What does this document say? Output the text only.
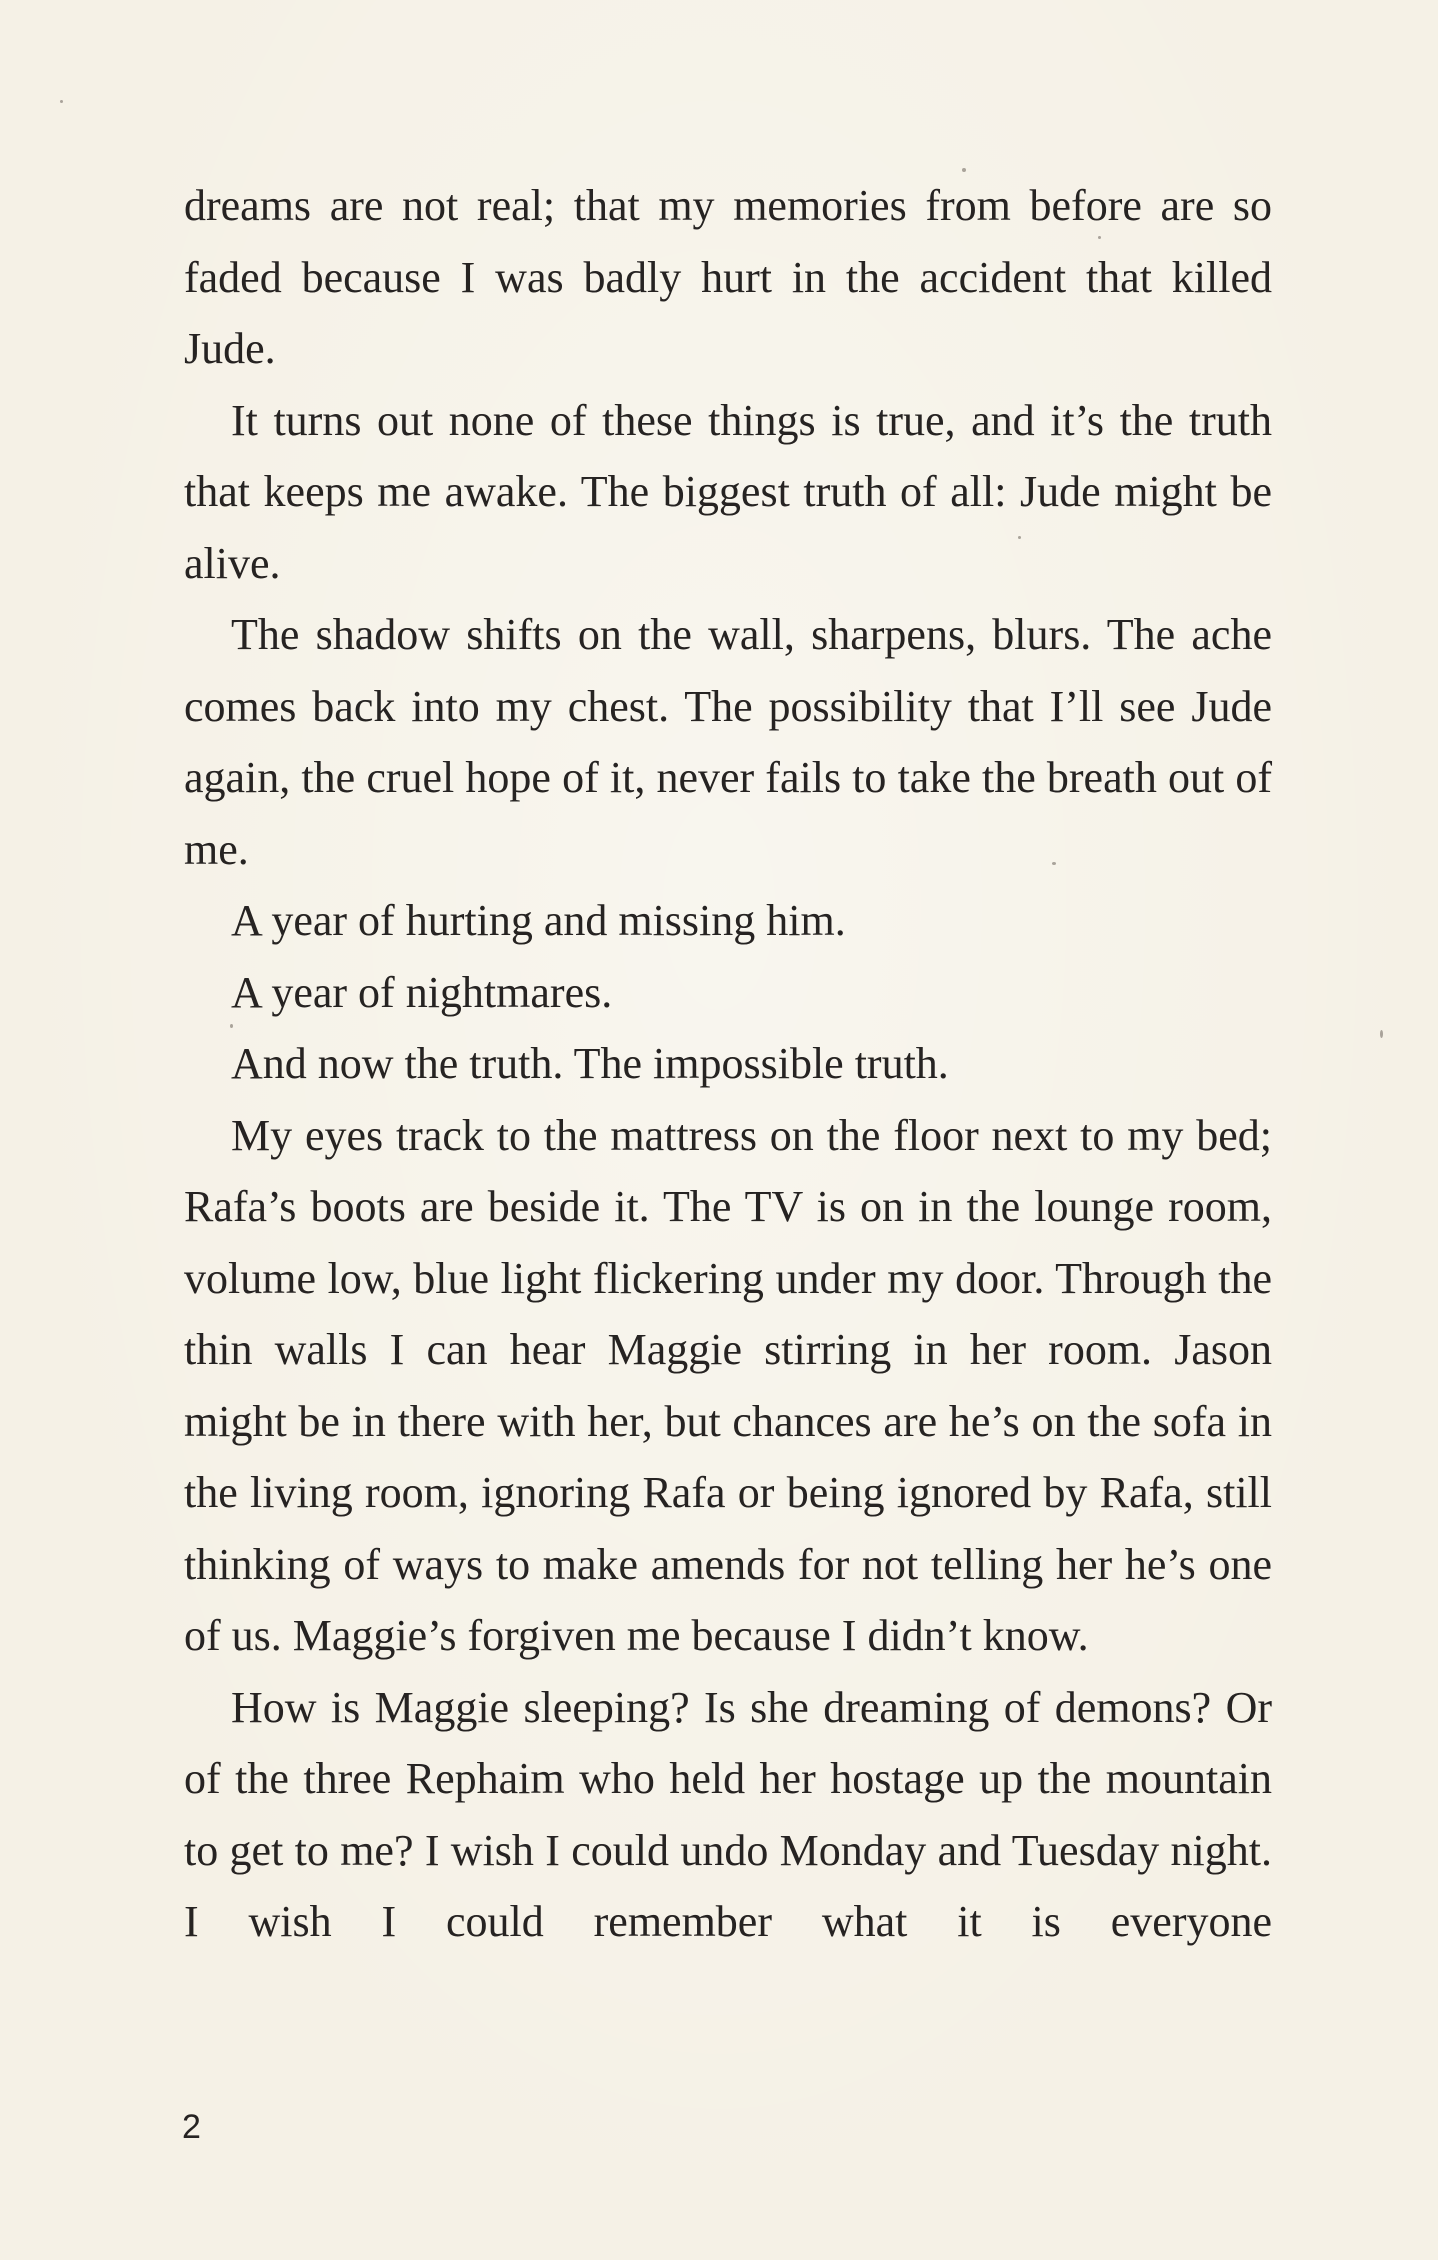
dreams are not real; that my memories from before are so faded because I was badly hurt in the accident that killed Jude.

It turns out none of these things is true, and it’s the truth that keeps me awake. The biggest truth of all: Jude might be alive.

The shadow shifts on the wall, sharpens, blurs. The ache comes back into my chest. The possibility that I’ll see Jude again, the cruel hope of it, never fails to take the breath out of me.

A year of hurting and missing him.

A year of nightmares.

And now the truth. The impossible truth.

My eyes track to the mattress on the floor next to my bed; Rafa’s boots are beside it. The TV is on in the lounge room, volume low, blue light flickering under my door. Through the thin walls I can hear Maggie stirring in her room. Jason might be in there with her, but chances are he’s on the sofa in the living room, ignoring Rafa or being ignored by Rafa, still thinking of ways to make amends for not telling her he’s one of us. Maggie’s forgiven me because I didn’t know.

How is Maggie sleeping? Is she dreaming of demons? Or of the three Rephaim who held her hostage up the mountain to get to me? I wish I could undo Monday and Tuesday night. I wish I could remember what it is everyone

2
